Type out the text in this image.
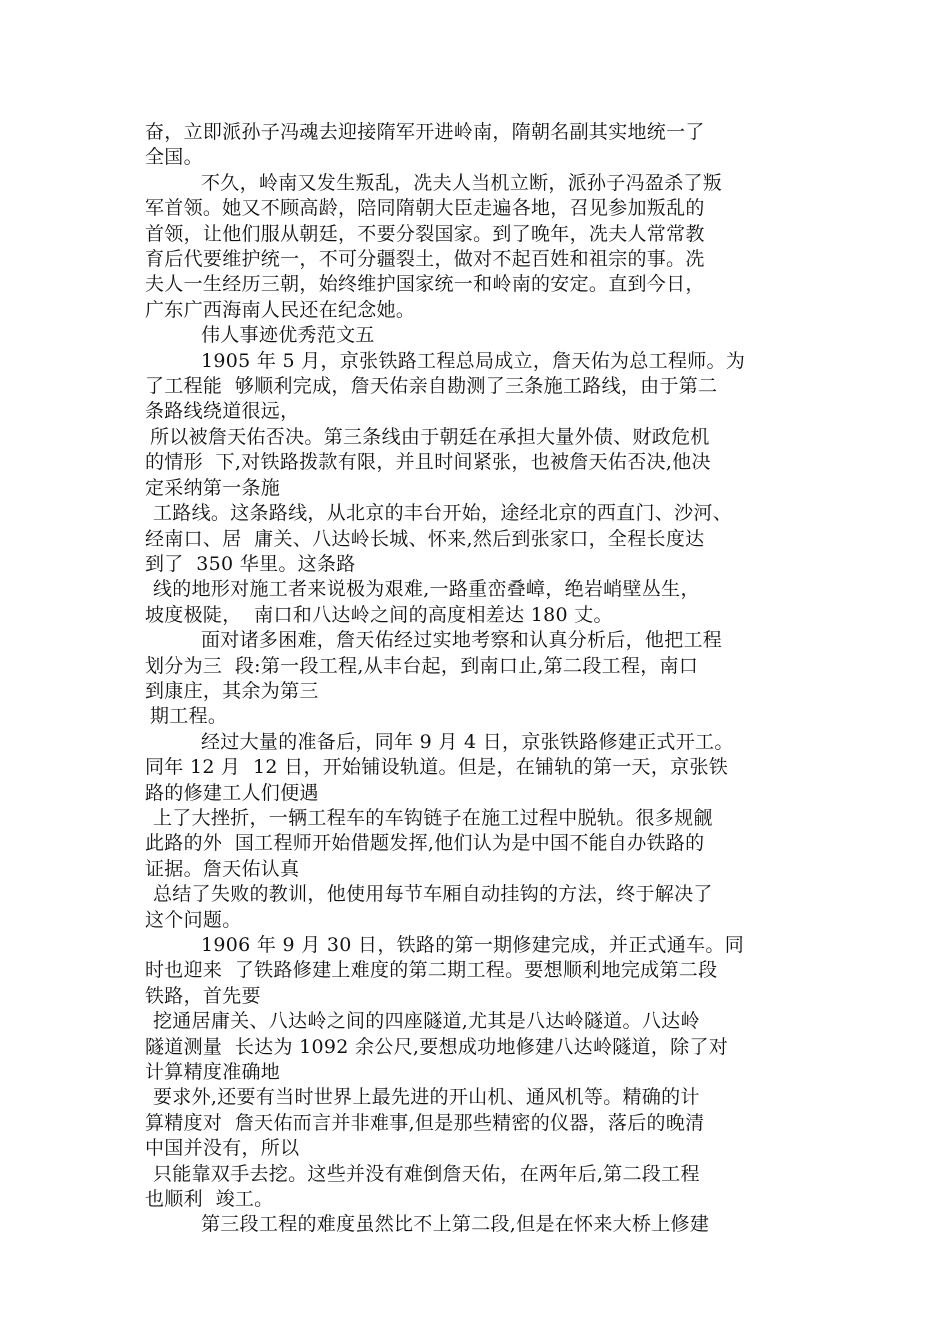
奋，立即派孙子冯魂去迎接隋军开进岭南，隋朝名副其实地统一了
全国。
不久，岭南又发生叛乱，冼夫人当机立断，派孙子冯盈杀了叛
军首领。她又不顾高龄，陪同隋朝大臣走遍各地，召见参加叛乱的
首领，让他们服从朝廷，不要分裂国家。到了晚年，冼夫人常常教
育后代要维护统一，不可分疆裂土，做对不起百姓和祖宗的事。冼
夫人一生经历三朝，始终维护国家统一和岭南的安定。直到今日，
广东广西海南人民还在纪念她。
伟人事迹优秀范文五
1905 年 5 月，京张铁路工程总局成立，詹天佑为总工程师。为
了工程能  够顺利完成，詹天佑亲自勘测了三条施工路线，由于第二
条路线绕道很远，
所以被詹天佑否决。第三条线由于朝廷在承担大量外债、财政危机
的情形  下,对铁路拨款有限，并且时间紧张，也被詹天佑否决,他决
定采纳第一条施
工路线。这条路线，从北京的丰台开始，途经北京的西直门、沙河、
经南口、居  庸关、八达岭长城、怀来,然后到张家口，全程长度达
到了  350 华里。这条路
线的地形对施工者来说极为艰难,一路重峦叠嶂，绝岩峭壁丛生，
坡度极陡，  南口和八达岭之间的高度相差达 180 丈。
面对诸多困难，詹天佑经过实地考察和认真分析后，他把工程
划分为三  段:第一段工程,从丰台起，到南口止,第二段工程，南口
到康庄，其余为第三
期工程。
经过大量的准备后，同年 9 月 4 日，京张铁路修建正式开工。
同年 12 月  12 日，开始铺设轨道。但是，在铺轨的第一天，京张铁
路的修建工人们便遇
上了大挫折，一辆工程车的车钩链子在施工过程中脱轨。很多规觎
此路的外  国工程师开始借题发挥,他们认为是中国不能自办铁路的
证据。詹天佑认真
总结了失败的教训，他使用每节车厢自动挂钩的方法，终于解决了
这个问题。
1906 年 9 月 30 日，铁路的第一期修建完成，并正式通车。同
时也迎来  了铁路修建上难度的第二期工程。要想顺利地完成第二段
铁路，首先要
挖通居庸关、八达岭之间的四座隧道,尤其是八达岭隧道。八达岭
隧道测量  长达为 1092 余公尺,要想成功地修建八达岭隧道，除了对
计算精度准确地
要求外,还要有当时世界上最先进的开山机、通风机等。精确的计
算精度对  詹天佑而言并非难事,但是那些精密的仪器，落后的晚清
中国并没有，所以
只能靠双手去挖。这些并没有难倒詹天佑，在两年后,第二段工程
也顺利  竣工。
第三段工程的难度虽然比不上第二段,但是在怀来大桥上修建
